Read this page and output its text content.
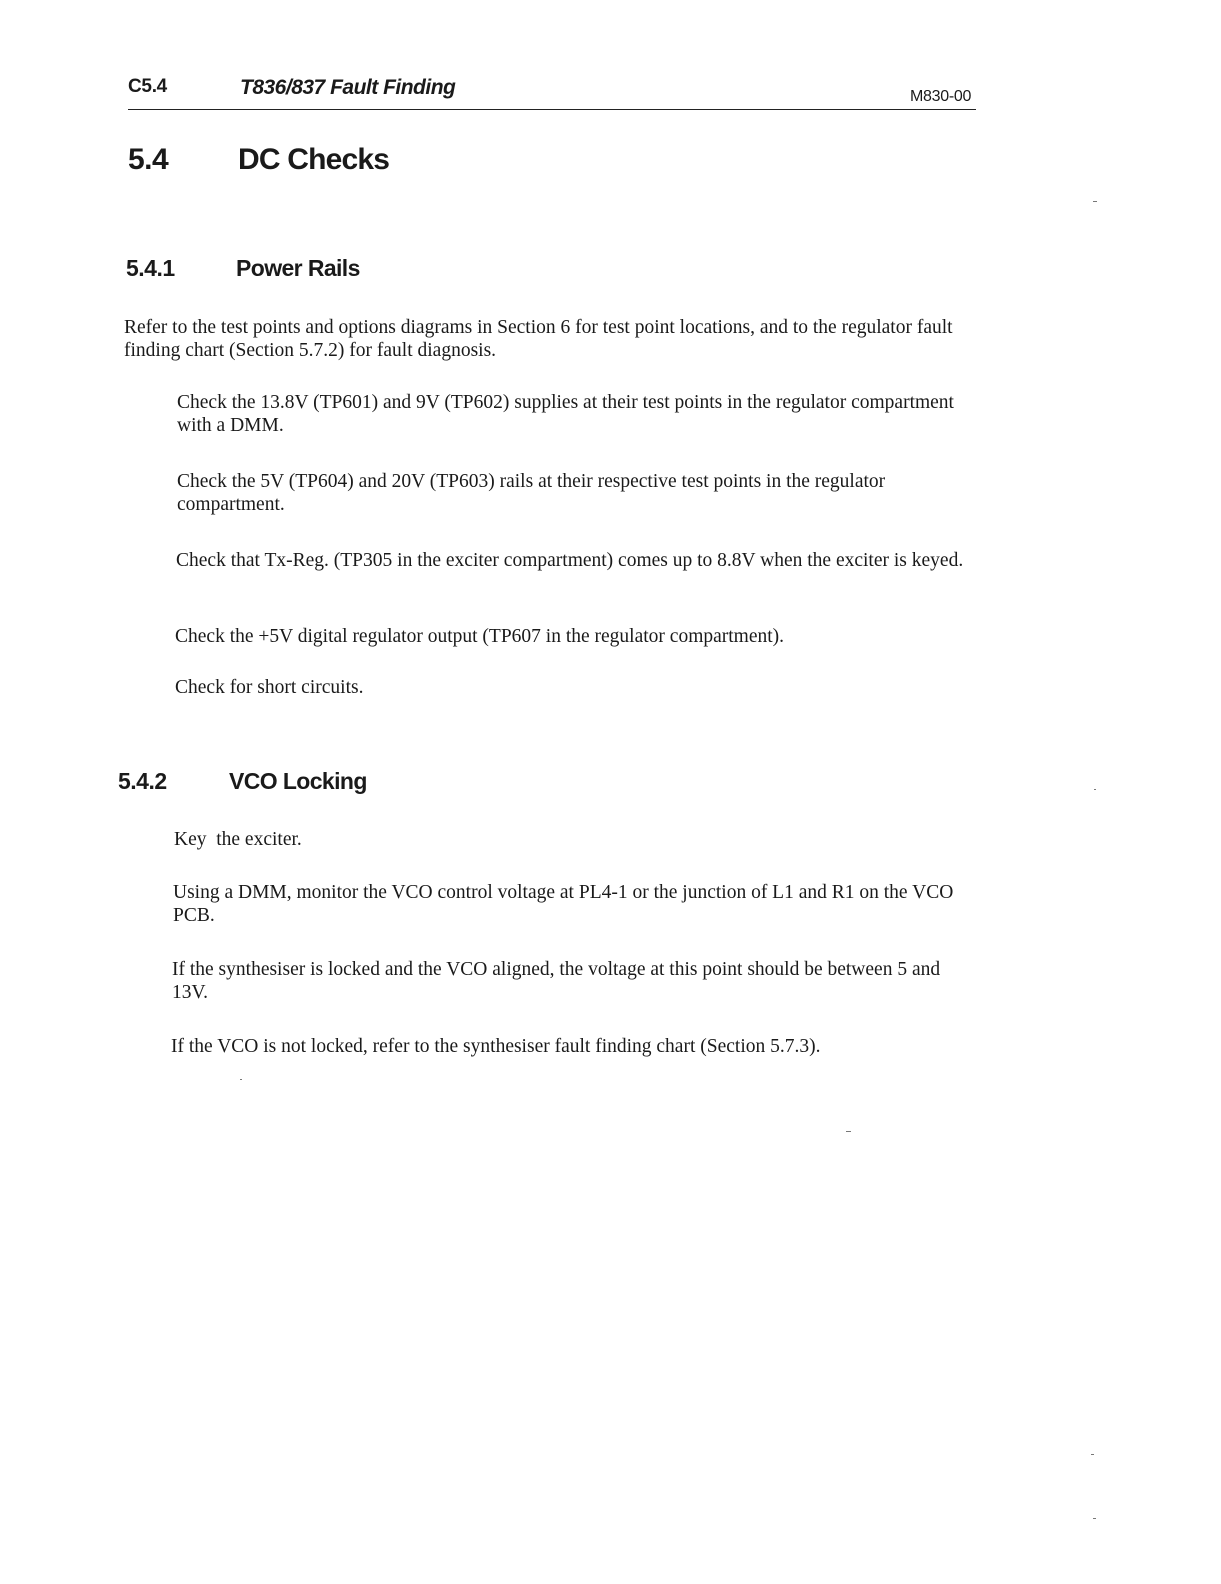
C5.4	T836/837 Fault Finding	M830-00
5.4 DC Checks
5.4.1	Power Rails

Refer to the test points and options diagrams in Section 6 for test point locations, and to the regulator fault finding chart (Section 5.7.2) for fault diagnosis.

Check the 13.8V (TP601) and 9V (TP602) supplies at their test points in the regulator compartment with a DMM.

Check the 5V (TP604) and 20V (TP603) rails at their respective test points in the regulator compartment.

Check that Tx-Reg. (TP305 in the exciter compartment) comes up to 8.8V when the exciter is keyed.

Check the +5V digital regulator output (TP607 in the regulator compartment).

Check for short circuits.

5.4.2	VCO Locking

Key  the exciter.

Using a DMM, monitor the VCO control voltage at PL4-1 or the junction of L1 and R1 on the VCO PCB.

If the synthesiser is locked and the VCO aligned, the voltage at this point should be between 5 and 13V.

If the VCO is not locked, refer to the synthesiser fault finding chart (Section 5.7.3).
